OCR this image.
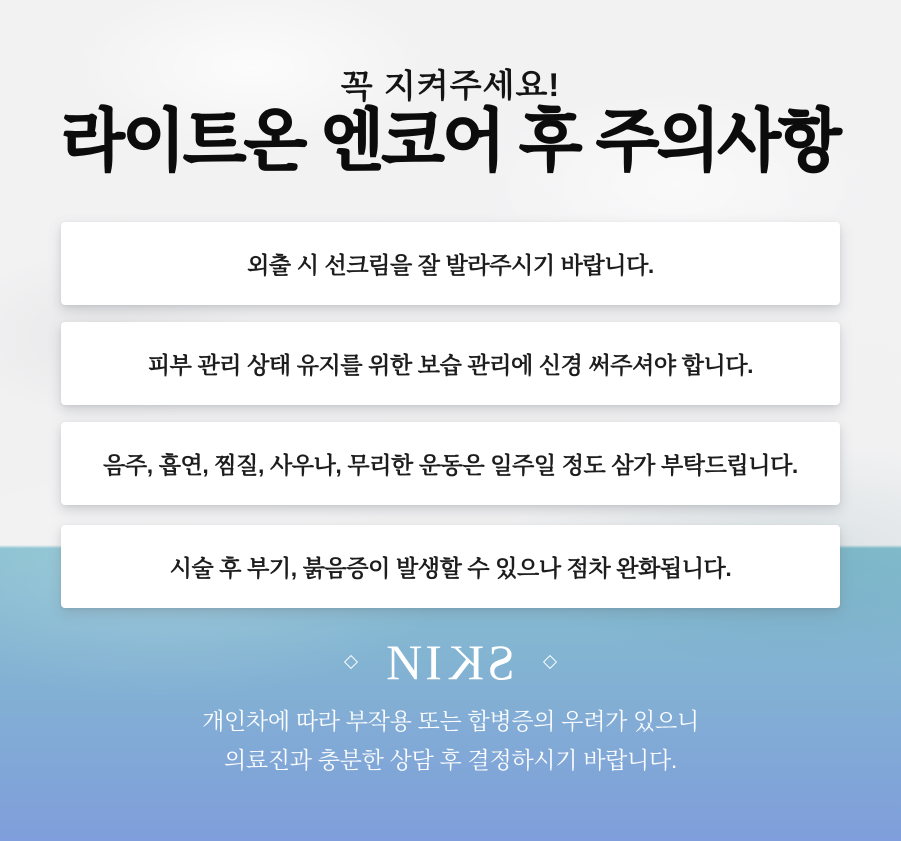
꼭 지켜주세요!
라이트온 엔코어 후 주의사항
외출 시 선크림을 잘 발라주시기 바랍니다.
피부 관리 상태 유지를 위한 보습 관리에 신경 써주셔야 합니다.
음주, 흡연, 찜질, 사우나, 무리한 운동은 일주일 정도 삼가 부탁드립니다.
시술 후 부기, 붉음증이 발생할 수 있으나 점차 완화됩니다.
NIKS
개인차에 따라 부작용 또는 합병증의 우려가 있으니
의료진과 충분한 상담 후 결정하시기 바랍니다.
